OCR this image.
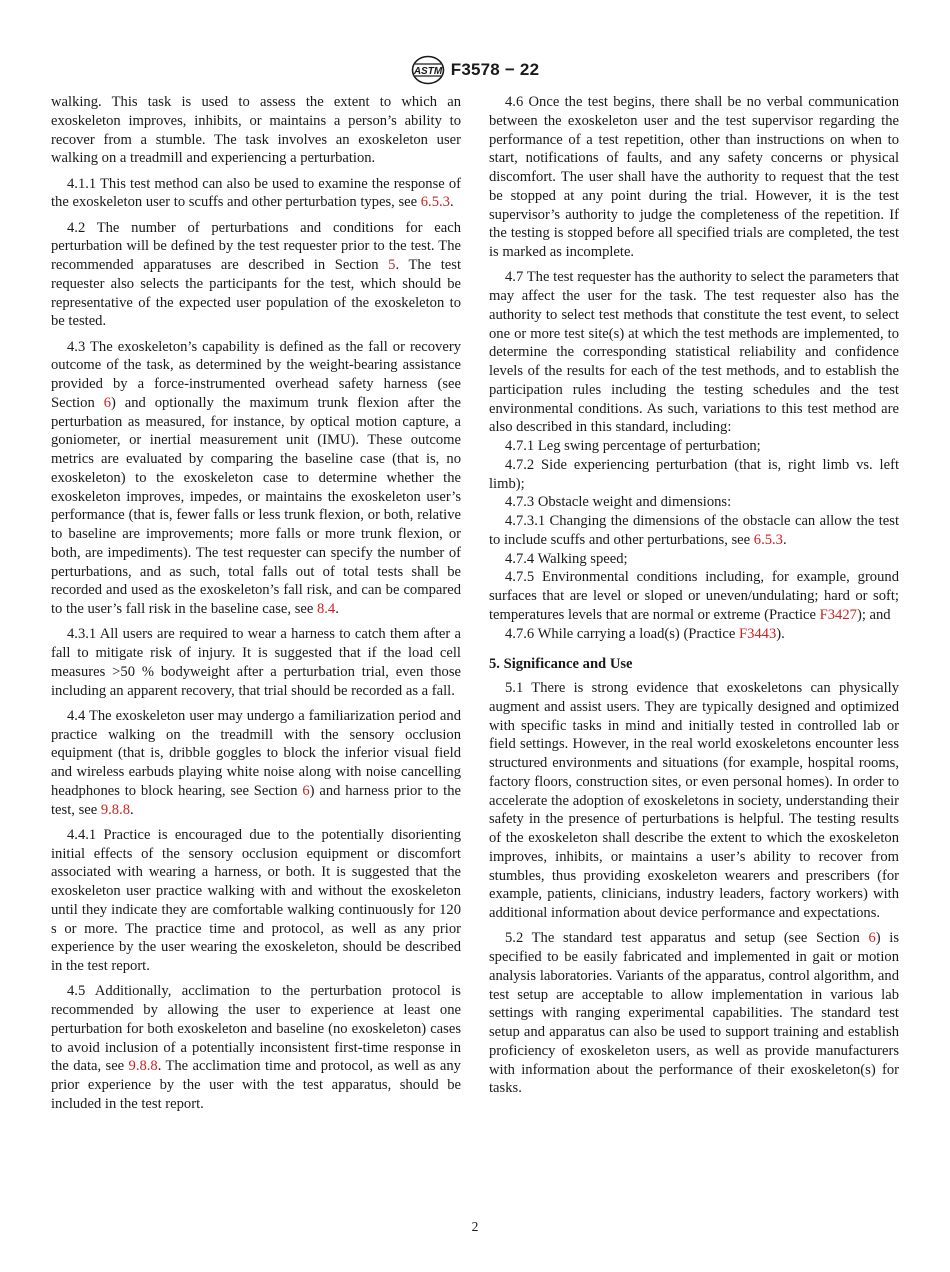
ASTM F3578 − 22

walking. This task is used to assess the extent to which an exoskeleton improves, inhibits, or maintains a person’s ability to recover from a stumble. The task involves an exoskeleton user walking on a treadmill and experiencing a perturbation.

4.1.1 This test method can also be used to examine the response of the exoskeleton user to scuffs and other perturbation types, see 6.5.3.

4.2 The number of perturbations and conditions for each perturbation will be defined by the test requester prior to the test. The recommended apparatuses are described in Section 5. The test requester also selects the participants for the test, which should be representative of the expected user population of the exoskeleton to be tested.

4.3 The exoskeleton’s capability is defined as the fall or recovery outcome of the task, as determined by the weight-bearing assistance provided by a force-instrumented overhead safety harness (see Section 6) and optionally the maximum trunk flexion after the perturbation as measured, for instance, by optical motion capture, a goniometer, or inertial measurement unit (IMU). These outcome metrics are evaluated by comparing the baseline case (that is, no exoskeleton) to the exoskeleton case to determine whether the exoskeleton improves, impedes, or maintains the exoskeleton user’s performance (that is, fewer falls or less trunk flexion, or both, relative to baseline are improvements; more falls or more trunk flexion, or both, are impediments). The test requester can specify the number of perturbations, and as such, total falls out of total tests shall be recorded and used as the exoskeleton’s fall risk, and can be compared to the user’s fall risk in the baseline case, see 8.4.

4.3.1 All users are required to wear a harness to catch them after a fall to mitigate risk of injury. It is suggested that if the load cell measures >50 % bodyweight after a perturbation trial, even those including an apparent recovery, that trial should be recorded as a fall.

4.4 The exoskeleton user may undergo a familiarization period and practice walking on the treadmill with the sensory occlusion equipment (that is, dribble goggles to block the inferior visual field and wireless earbuds playing white noise along with noise cancelling headphones to block hearing, see Section 6) and harness prior to the test, see 9.8.8.

4.4.1 Practice is encouraged due to the potentially disorienting initial effects of the sensory occlusion equipment or discomfort associated with wearing a harness, or both. It is suggested that the exoskeleton user practice walking with and without the exoskeleton until they indicate they are comfortable walking continuously for 120 s or more. The practice time and protocol, as well as any prior experience by the user wearing the exoskeleton, should be described in the test report.

4.5 Additionally, acclimation to the perturbation protocol is recommended by allowing the user to experience at least one perturbation for both exoskeleton and baseline (no exoskeleton) cases to avoid inclusion of a potentially inconsistent first-time response in the data, see 9.8.8. The acclimation time and protocol, as well as any prior experience by the user with the test apparatus, should be included in the test report.

4.6 Once the test begins, there shall be no verbal communication between the exoskeleton user and the test supervisor regarding the performance of a test repetition, other than instructions on when to start, notifications of faults, and any safety concerns or physical discomfort. The user shall have the authority to request that the test be stopped at any point during the trial. However, it is the test supervisor’s authority to judge the completeness of the repetition. If the testing is stopped before all specified trials are completed, the test is marked as incomplete.

4.7 The test requester has the authority to select the parameters that may affect the user for the task. The test requester also has the authority to select test methods that constitute the test event, to select one or more test site(s) at which the test methods are implemented, to determine the corresponding statistical reliability and confidence levels of the results for each of the test methods, and to establish the participation rules including the testing schedules and the test environmental conditions. As such, variations to this test method are also described in this standard, including:

4.7.1 Leg swing percentage of perturbation;

4.7.2 Side experiencing perturbation (that is, right limb vs. left limb);

4.7.3 Obstacle weight and dimensions:

4.7.3.1 Changing the dimensions of the obstacle can allow the test to include scuffs and other perturbations, see 6.5.3.

4.7.4 Walking speed;

4.7.5 Environmental conditions including, for example, ground surfaces that are level or sloped or uneven/undulating; hard or soft; temperatures levels that are normal or extreme (Practice F3427); and

4.7.6 While carrying a load(s) (Practice F3443).

5. Significance and Use

5.1 There is strong evidence that exoskeletons can physically augment and assist users. They are typically designed and optimized with specific tasks in mind and initially tested in controlled lab or field settings. However, in the real world exoskeletons encounter less structured environments and situations (for example, hospital rooms, factory floors, construction sites, or even personal homes). In order to accelerate the adoption of exoskeletons in society, understanding their safety in the presence of perturbations is helpful. The testing results of the exoskeleton shall describe the extent to which the exoskeleton improves, inhibits, or maintains a user’s ability to recover from stumbles, thus providing exoskeleton wearers and prescribers (for example, patients, clinicians, industry leaders, factory workers) with additional information about device performance and expectations.

5.2 The standard test apparatus and setup (see Section 6) is specified to be easily fabricated and implemented in gait or motion analysis laboratories. Variants of the apparatus, control algorithm, and test setup are acceptable to allow implementation in various lab settings with ranging experimental capabilities. The standard test setup and apparatus can also be used to support training and establish proficiency of exoskeleton users, as well as provide manufacturers with information about the performance of their exoskeleton(s) for tasks.

2
